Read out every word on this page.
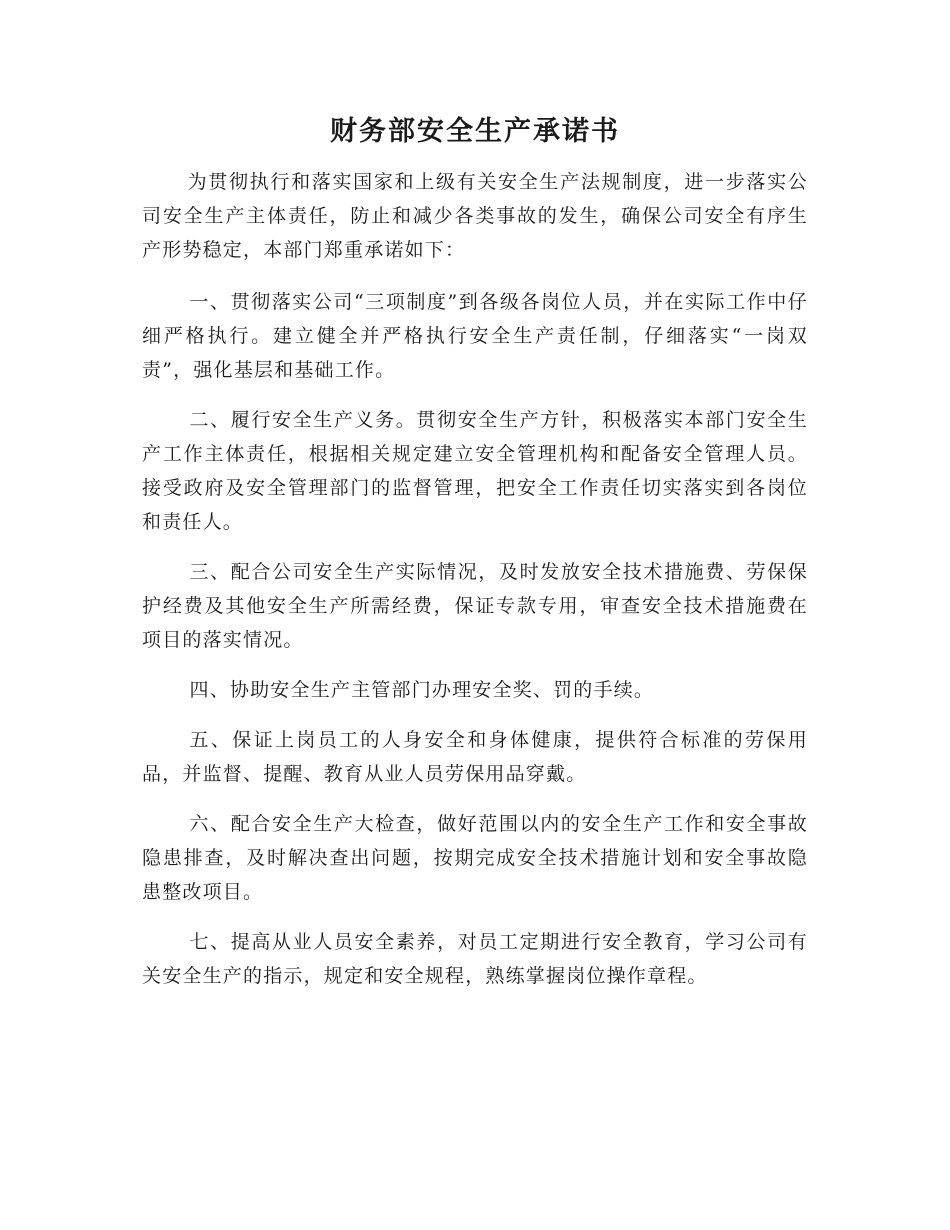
财务部安全生产承诺书

为贯彻执行和落实国家和上级有关安全生产法规制度，进一步落实公司安全生产主体责任，防止和减少各类事故的发生，确保公司安全有序生产形势稳定，本部门郑重承诺如下：

一、贯彻落实公司“三项制度”到各级各岗位人员，并在实际工作中仔细严格执行。建立健全并严格执行安全生产责任制，仔细落实“一岗双责”，强化基层和基础工作。

二、履行安全生产义务。贯彻安全生产方针，积极落实本部门安全生产工作主体责任，根据相关规定建立安全管理机构和配备安全管理人员。接受政府及安全管理部门的监督管理，把安全工作责任切实落实到各岗位和责任人。

三、配合公司安全生产实际情况，及时发放安全技术措施费、劳保保护经费及其他安全生产所需经费，保证专款专用，审查安全技术措施费在项目的落实情况。

四、协助安全生产主管部门办理安全奖、罚的手续。

五、保证上岗员工的人身安全和身体健康，提供符合标准的劳保用品，并监督、提醒、教育从业人员劳保用品穿戴。

六、配合安全生产大检查，做好范围以内的安全生产工作和安全事故隐患排查，及时解决查出问题，按期完成安全技术措施计划和安全事故隐患整改项目。

七、提高从业人员安全素养，对员工定期进行安全教育，学习公司有关安全生产的指示，规定和安全规程，熟练掌握岗位操作章程。
